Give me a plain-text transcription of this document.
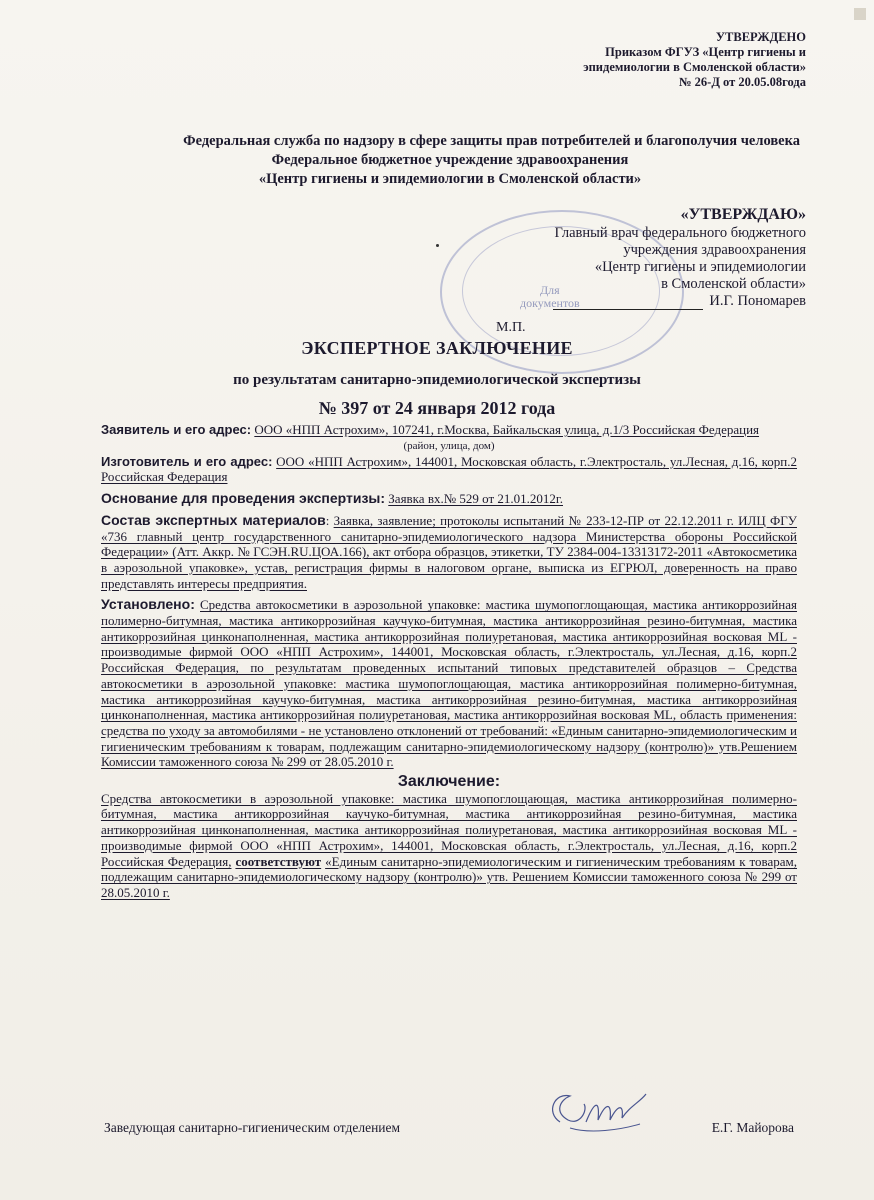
УТВЕРЖДЕНО
Приказом ФГУЗ «Центр гигиены и
эпидемиологии в Смоленской области»
№ 26-Д от 20.05.08года
Федеральная служба по надзору в сфере защиты прав потребителей и благополучия человека
Федеральное бюджетное учреждение здравоохранения
«Центр гигиены и эпидемиологии в Смоленской области»
Для
документов
«УТВЕРЖДАЮ»
Главный врач федерального бюджетного
учреждения здравоохранения
«Центр гигиены и эпидемиологии
в Смоленской области»
И.Г. Пономарев
М.П.
ЭКСПЕРТНОЕ ЗАКЛЮЧЕНИЕ
по результатам санитарно-эпидемиологической экспертизы
№ 397 от 24 января 2012 года

Заявитель и его адрес: ООО «НПП Астрохим», 107241, г.Москва, Байкальская улица, д.1/3 Российская Федерация

(район, улица, дом)

Изготовитель и его адрес: ООО «НПП Астрохим», 144001, Московская область, г.Электросталь, ул.Лесная, д.16, корп.2 Российская Федерация

Основание для проведения экспертизы: Заявка вх.№ 529 от 21.01.2012г.

Состав экспертных материалов: Заявка, заявление; протоколы испытаний № 233-12-ПР от 22.12.2011 г. ИЛЦ ФГУ «736 главный центр государственного санитарно-эпидемиологического надзора Министерства обороны Российской Федерации» (Атт. Аккр. № ГСЭН.RU.ЦОА.166), акт отбора образцов, этикетки, ТУ 2384-004-13313172-2011 «Автокосметика в аэрозольной упаковке», устав, регистрация фирмы в налоговом органе, выписка из ЕГРЮЛ, доверенность на право представлять интересы предприятия.

Установлено: Средства автокосметики в аэрозольной упаковке: мастика шумопоглощающая, мастика антикоррозийная полимерно-битумная, мастика антикоррозийная каучуко-битумная, мастика антикоррозийная резино-битумная, мастика антикоррозийная цинконаполненная, мастика антикоррозийная полиуретановая, мастика антикоррозийная восковая ML - производимые фирмой ООО «НПП Астрохим», 144001, Московская область, г.Электросталь, ул.Лесная, д.16, корп.2 Российская Федерация, по результатам проведенных испытаний типовых представителей образцов – Средства автокосметики в аэрозольной упаковке: мастика шумопоглощающая, мастика антикоррозийная полимерно-битумная, мастика антикоррозийная каучуко-битумная, мастика антикоррозийная резино-битумная, мастика антикоррозийная цинконаполненная, мастика антикоррозийная полиуретановая, мастика антикоррозийная восковая ML, область применения: средства по уходу за автомобилями - не установлено отклонений от требований: «Единым санитарно-эпидемиологическим и гигиеническим требованиям к товарам, подлежащим санитарно-эпидемиологическому надзору (контролю)» утв.Решением Комиссии таможенного союза № 299 от 28.05.2010 г.

Заключение:

Средства автокосметики в аэрозольной упаковке: мастика шумопоглощающая, мастика антикоррозийная полимерно-битумная, мастика антикоррозийная каучуко-битумная, мастика антикоррозийная резино-битумная, мастика антикоррозийная цинконаполненная, мастика антикоррозийная полиуретановая, мастика антикоррозийная восковая ML - производимые фирмой ООО «НПП Астрохим», 144001, Московская область, г.Электросталь, ул.Лесная, д.16, корп.2 Российская Федерация, соответствуют «Единым санитарно-эпидемиологическим и гигиеническим требованиям к товарам, подлежащим санитарно-эпидемиологическому надзору (контролю)» утв. Решением Комиссии таможенного союза № 299 от 28.05.2010 г.

Заведующая санитарно-гигиеническим отделением	Е.Г. Майорова
